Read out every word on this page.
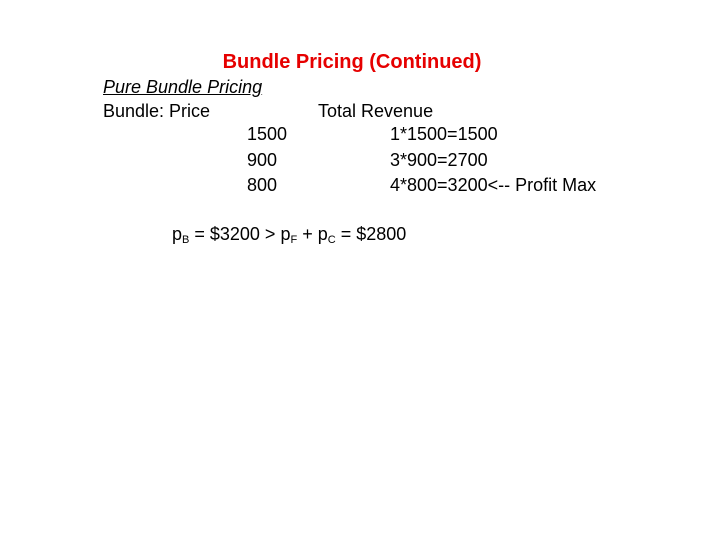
Bundle Pricing (Continued)
Pure Bundle Pricing
Bundle: Price	Total Revenue
1500	1*1500=1500
900	3*900=2700
800	4*800=3200<-- Profit Max
$p_B$ = $3200 > $p_F + p_C$ = $2800
